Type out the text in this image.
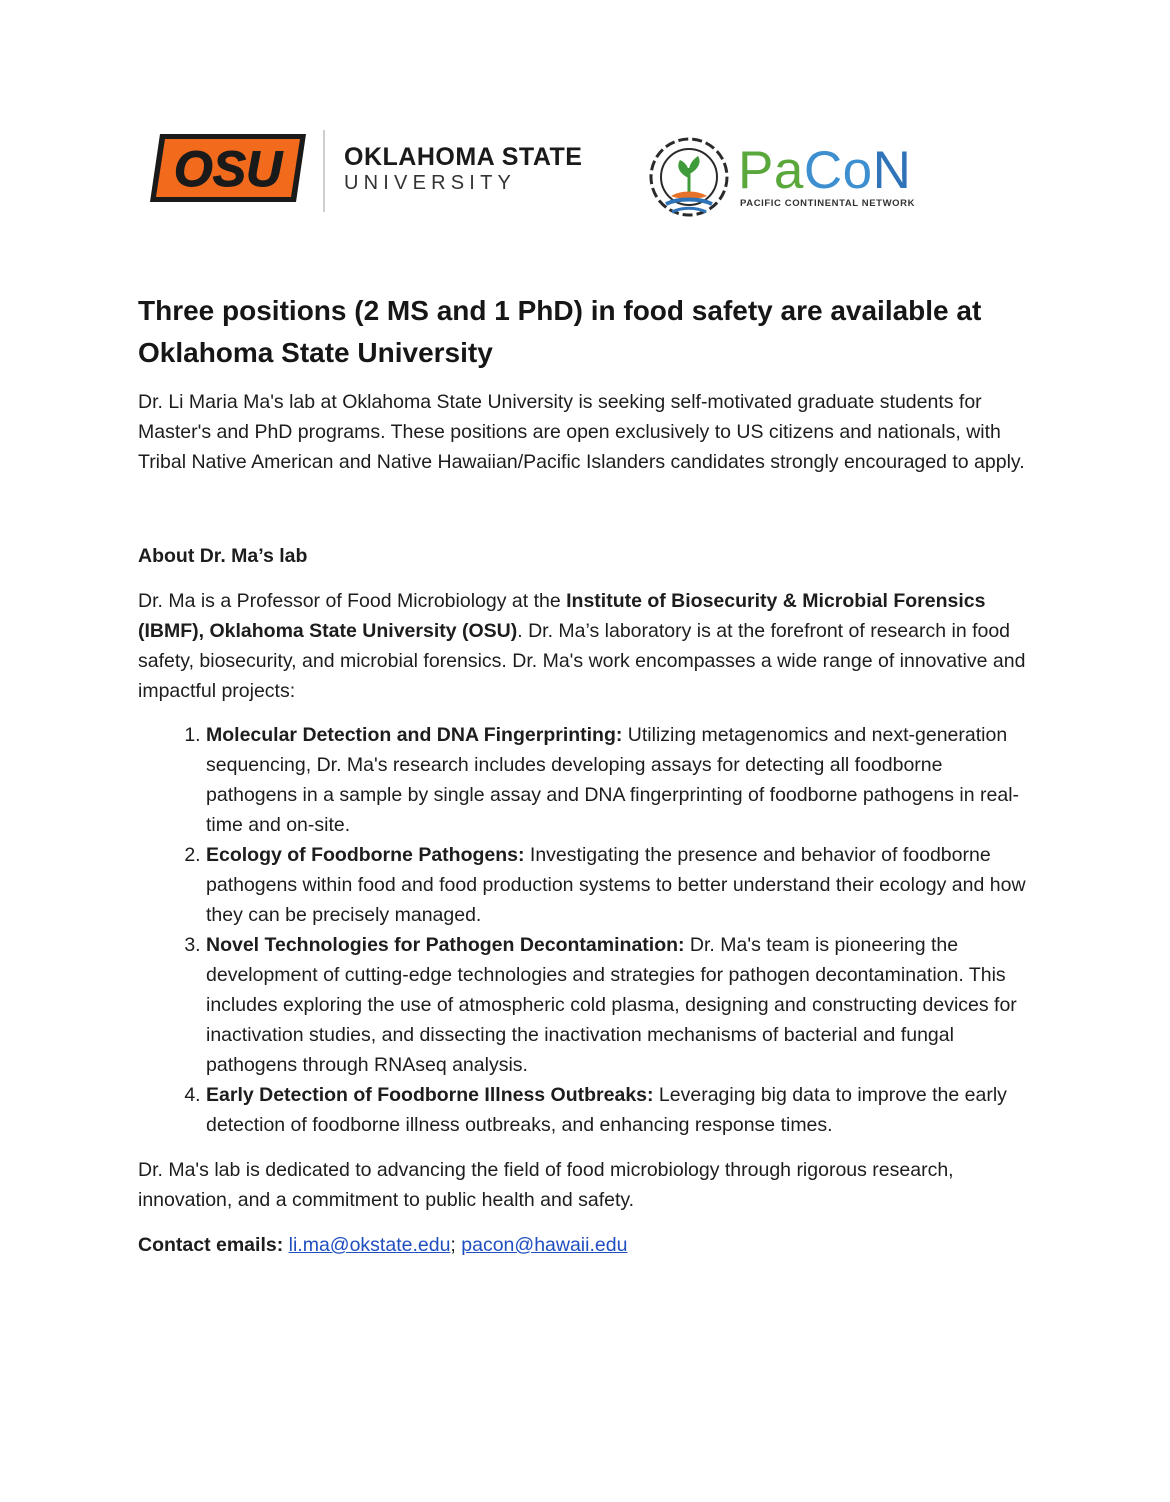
OSU OKLAHOMA STATE
UNIVERSITY	PaCoN
PACIFIC CONTINENTAL NETWORK
Three positions (2 MS and 1 PhD) in food safety are available at Oklahoma State University

Dr. Li Maria Ma's lab at Oklahoma State University is seeking self-motivated graduate students for Master's and PhD programs. These positions are open exclusively to US citizens and nationals, with Tribal Native American and Native Hawaiian/Pacific Islanders candidates strongly encouraged to apply.

About Dr. Ma’s lab

Dr. Ma is a Professor of Food Microbiology at the Institute of Biosecurity & Microbial Forensics (IBMF), Oklahoma State University (OSU). Dr. Ma’s laboratory is at the forefront of research in food safety, biosecurity, and microbial forensics. Dr. Ma's work encompasses a wide range of innovative and impactful projects:

1. Molecular Detection and DNA Fingerprinting: Utilizing metagenomics and next-generation sequencing, Dr. Ma's research includes developing assays for detecting all foodborne pathogens in a sample by single assay and DNA fingerprinting of foodborne pathogens in real-time and on-site.
2. Ecology of Foodborne Pathogens: Investigating the presence and behavior of foodborne pathogens within food and food production systems to better understand their ecology and how they can be precisely managed.
3. Novel Technologies for Pathogen Decontamination: Dr. Ma's team is pioneering the development of cutting-edge technologies and strategies for pathogen decontamination. This includes exploring the use of atmospheric cold plasma, designing and constructing devices for inactivation studies, and dissecting the inactivation mechanisms of bacterial and fungal pathogens through RNAseq analysis.
4. Early Detection of Foodborne Illness Outbreaks: Leveraging big data to improve the early detection of foodborne illness outbreaks, and enhancing response times.

Dr. Ma's lab is dedicated to advancing the field of food microbiology through rigorous research, innovation, and a commitment to public health and safety.

Contact emails: li.ma@okstate.edu; pacon@hawaii.edu
